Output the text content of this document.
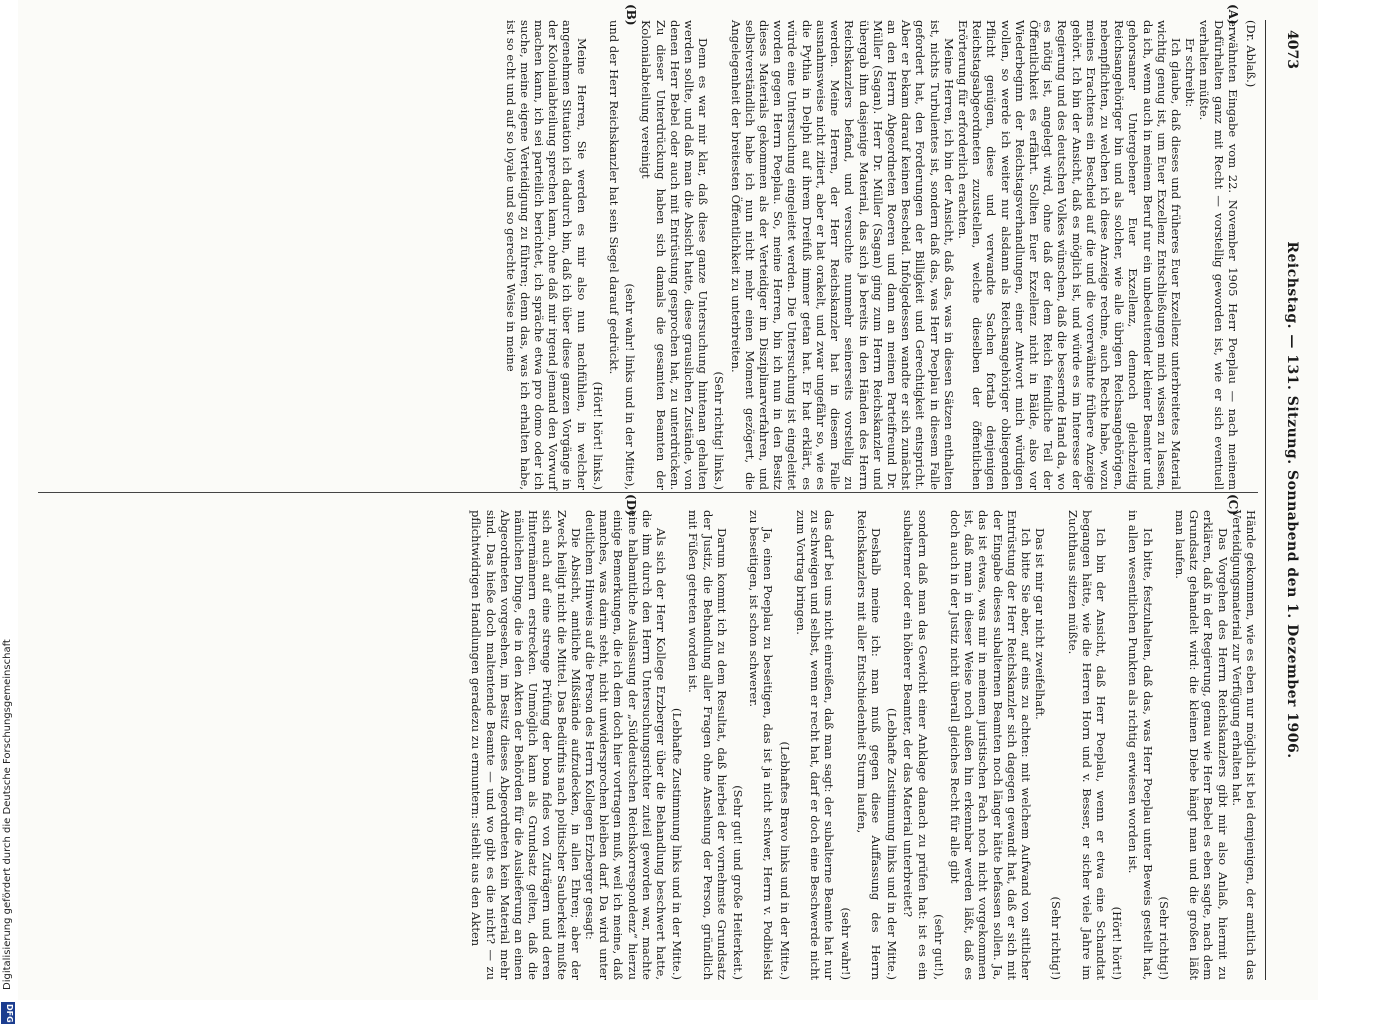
4073
Reichstag. — 131. Sitzung. Sonnabend den 1. Dezember 1906.
(Dr. Ablaß.)

erwähnten Eingabe vom 22. November 1905 Herr Poeplau — nach meinem Dafürhalten ganz mit Recht — vorstellig geworden ist, wie er sich eventuell verhalten müßte.

Er schreibt:

Ich glaube, daß dieses und früheres Euer Exzellenz unterbreitetes Material wichtig genug ist, um Euer Exzellenz Entschließungen mich wissen zu lassen, da ich, wenn auch in meinem Beruf nur ein unbedeutender kleiner Beamter und gehorsamer Untergebener Euer Exzellenz, dennoch gleichzeitig Reichsangehöriger bin und als solcher, wie alle übrigen Reichsangehörigen, nebenpflichten, zu welchen ich diese Anzeige rechne, auch Rechte habe, wozu meines Erachtens ein Bescheid auf die und die vorerwähnte frühere Anzeige gehört. Ich bin der Ansicht, daß es möglich ist, und würde es im Interesse der Regierung und des deutschen Volkes wünschen, daß die bessernde Hand da, wo es nötig ist, angelegt wird, ohne daß der dem Reich feindliche Teil der Öffentlichkeit es erfährt. Sollten Euer Exzellenz nicht in Bälde, also vor Wiederbeginn der Reichstagsverhandlungen, einer Antwort mich würdigen wollen, so werde ich weiter nur alsdann als Reichsangehöriger obliegenden Pflicht genügen, diese und verwandte Sachen fortab denjenigen Reichstagsabgeordneten zuzustellen, welche dieselben der öffentlichen Erörterung für erforderlich erachten.

Meine Herren, ich bin der Ansicht, daß das, was in diesen Sätzen enthalten ist, nichts Turbulentes ist, sondern daß das, was Herr Poeplau in diesem Falle gefordert hat, den Forderungen der Billigkeit und Gerechtigkeit entspricht. Aber er bekam darauf keinen Bescheid. Infolgedessen wandte er sich zunächst an den Herrn Abgeordneten Roeren und dann an meinen Parteifreund Dr. Müller (Sagan). Herr Dr. Müller (Sagan) ging zum Herrn Reichskanzler und übergab ihm dasjenige Material, das sich ja bereits in den Händen des Herrn Reichskanzlers befand, und versuchte nunmehr seinerseits vorstellig zu werden. Meine Herren, der Herr Reichskanzler hat in diesem Falle ausnahmsweise nicht zitiert, aber er hat orakelt, und zwar ungefähr so, wie es die Pythia in Delphi auf ihrem Dreifuß immer getan hat. Er hat erklärt, es würde eine Untersuchung eingeleitet werden. Die Untersuchung ist eingeleitet worden gegen Herrn Poeplau. So, meine Herren, bin ich nun in den Besitz dieses Materials gekommen als der Verteidiger im Disziplinarverfahren, und selbstverständlich habe ich nun nicht mehr einen Moment gezögert, die Angelegenheit der breitesten Öffentlichkeit zu unterbreiten.

(Sehr richtig! links.)

Denn es war mir klar, daß diese ganze Untersuchung hintenan gehalten werden sollte, und daß man die Absicht hatte, diese grauslichen Zustände, von denen Herr Bebel oder auch mit Entrüstung gesprochen hat, zu unterdrücken. Zu dieser Unterdrückung haben sich damals die gesamten Beamten der Kolonialabteilung vereinigt

(sehr wahr! links und in der Mitte),

und der Herr Reichskanzler hat sein Siegel darauf gedrückt.

(Hört! hört! links.)

Meine Herren, Sie werden es mir also nun nachfühlen, in welcher angenehmen Situation ich dadurch bin, daß ich über diese ganzen Vorgänge in der Kolonialabteilung sprechen kann, ohne daß mir irgend jemand den Vorwurf machen kann, ich sei parteilich berichtet, ich spräche etwa pro domo oder ich suche, meine eigene Verteidigung zu führen; denn das, was ich erhalten habe, ist so echt und auf so loyale und so gerechte Weise in meine

Hände gekommen, wie es eben nur möglich ist bei demjenigen, der amtlich das Verteidigungsmaterial zur Verfügung erhalten hat.

Das Vorgehen des Herrn Reichskanzlers gibt mir also Anlaß, hiermit zu erklären, daß in der Regierung, genau wie Herr Bebel es eben sagte, nach dem Grundsatz gehandelt wird: die kleinen Diebe hängt man und die großen läßt man laufen.

(Sehr richtig!)

Ich bitte, festzuhalten, daß das, was Herr Poeplau unter Beweis gestellt hat, in allen wesentlichen Punkten als richtig erwiesen worden ist.

(Hört! hört!)

Ich bin der Ansicht, daß Herr Poeplau, wenn er etwa eine Schandtat begangen hätte, wie die Herren Horn und v. Besser, er sicher viele Jahre im Zuchthaus sitzen müßte.

(Sehr richtig!)

Das ist mir gar nicht zweifelhaft.

Ich bitte Sie aber, auf eins zu achten: mit welchem Aufwand von sittlicher Entrüstung der Herr Reichskanzler sich dagegen gewandt hat, daß er sich mit der Eingabe dieses subalternen Beamten noch länger hätte befassen sollen. Ja, das ist etwas, was mir in meinem juristischen Fach noch nicht vorgekommen ist, daß man in dieser Weise noch außen hin erkennbar werden läßt, daß es doch auch in der Justiz nicht überall gleiches Recht für alle gibt

(sehr gut!),

sondern daß man das Gewicht einer Anklage danach zu prüfen hat: ist es ein subalterner oder ein höherer Beamter, der das Material unterbreitet?

(Lebhafte Zustimmung links und in der Mitte.)

Deshalb meine ich: man muß gegen diese Auffassung des Herrn Reichskanzlers mit aller Entschiedenheit Sturm laufen,

(sehr wahr!)

das darf bei uns nicht einreißen, daß man sagt: der subalterne Beamte hat nur zu schweigen und selbst, wenn er recht hat, darf er doch eine Beschwerde nicht zum Vortrag bringen.

(Lebhaftes Bravo links und in der Mitte.)

Ja, einen Poeplau zu beseitigen, das ist ja nicht schwer, Herrn v. Podbielski zu beseitigen, ist schon schwerer.

(Sehr gut! und große Heiterkeit.)

Darum kommt ich zu dem Resultat, daß hierbei der vornehmste Grundsatz der Justiz, die Behandlung aller Fragen ohne Ansehung der Person, gründlich mit Füßen getreten worden ist.

(Lebhafte Zustimmung links und in der Mitte.)

Als sich der Herr Kollege Erzberger über die Behandlung beschwert hatte, die ihm durch den Herrn Untersuchungsrichter zuteil geworden war, machte eine halbamtliche Auslassung der „Süddeutschen Reichskorrespondenz“ hierzu einige Bemerkungen, die ich dem doch hier vortragen muß, weil ich meine, daß manches, was darin steht, nicht unwidersprochen bleiben darf. Da wird unter deutlichem Hinweis auf die Person des Herrn Kollegen Erzberger gesagt:

Die Absicht, amtliche Mißstände aufzudecken, in allen Ehren; aber der Zweck heiligt nicht die Mittel. Das Bedürfnis nach politischer Sauberkeit mußte sich auch auf eine strenge Prüfung der bona fides von Zuträgern und deren Hintermännern erstrecken. Unmöglich kann als Grundsatz gelten, daß die nämlichen Dinge, die in den Akten der Behörden für die Auslieferung an einen Abgeordneten vorgesehen, im Besitz dieses Abgeordneten kein Material mehr sind. Das hieße doch maltentende Beamte — und wo gibt es die nicht? — zu pflichtwidrigen Handlungen geradezu zu ermuntern: stiehlt aus den Akten

(A)
(B)
(C)
(D)
Digitalisierung gefördert durch die Deutsche Forschungsgemeinschaft
DFG
